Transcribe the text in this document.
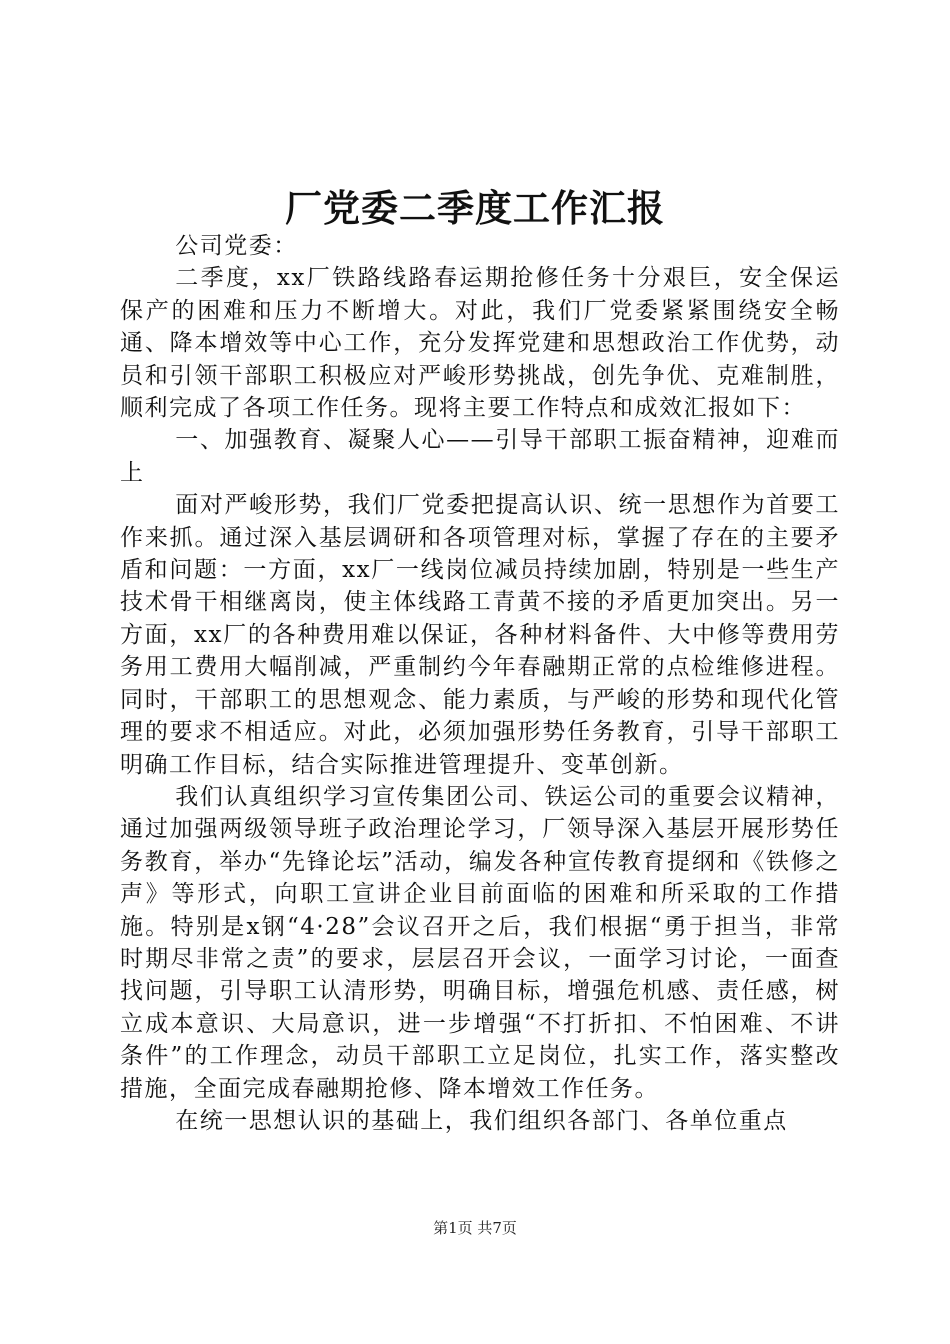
厂党委二季度工作汇报

公司党委：

二季度，xx厂铁路线路春运期抢修任务十分艰巨，安全保运保产的困难和压力不断增大。对此，我们厂党委紧紧围绕安全畅通、降本增效等中心工作，充分发挥党建和思想政治工作优势，动员和引领干部职工积极应对严峻形势挑战，创先争优、克难制胜，顺利完成了各项工作任务。现将主要工作特点和成效汇报如下：

一、加强教育、凝聚人心——引导干部职工振奋精神，迎难而上

面对严峻形势，我们厂党委把提高认识、统一思想作为首要工作来抓。通过深入基层调研和各项管理对标，掌握了存在的主要矛盾和问题：一方面，xx厂一线岗位减员持续加剧，特别是一些生产技术骨干相继离岗，使主体线路工青黄不接的矛盾更加突出。另一方面，xx厂的各种费用难以保证，各种材料备件、大中修等费用劳务用工费用大幅削减，严重制约今年春融期正常的点检维修进程。同时，干部职工的思想观念、能力素质，与严峻的形势和现代化管理的要求不相适应。对此，必须加强形势任务教育，引导干部职工明确工作目标，结合实际推进管理提升、变革创新。

我们认真组织学习宣传集团公司、铁运公司的重要会议精神，通过加强两级领导班子政治理论学习，厂领导深入基层开展形势任务教育，举办“先锋论坛”活动，编发各种宣传教育提纲和《铁修之声》等形式，向职工宣讲企业目前面临的困难和所采取的工作措施。特别是x钢“4·28”会议召开之后，我们根据“勇于担当，非常时期尽非常之责”的要求，层层召开会议，一面学习讨论，一面查找问题，引导职工认清形势，明确目标，增强危机感、责任感，树立成本意识、大局意识，进一步增强“不打折扣、不怕困难、不讲条件”的工作理念，动员干部职工立足岗位，扎实工作，落实整改措施，全面完成春融期抢修、降本增效工作任务。

在统一思想认识的基础上，我们组织各部门、各单位重点

第1页 共7页
